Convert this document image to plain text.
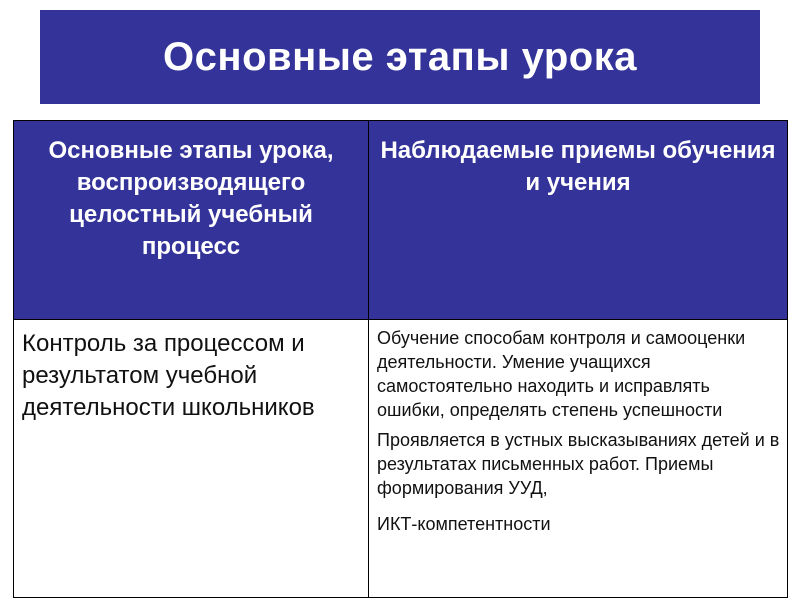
Основные этапы урока
Основные этапы урока, воспроизводящего целостный учебный процесс	Наблюдаемые приемы обучения и учения
Контроль за процессом и результатом учебной деятельности школьников	Обучение способам контроля и самооценки деятельности. Умение учащихся самостоятельно находить и исправлять ошибки, определять степень успешности

Проявляется в устных высказываниях детей и в результатах письменных работ. Приемы формирования УУД,

ИКТ-компетентности
